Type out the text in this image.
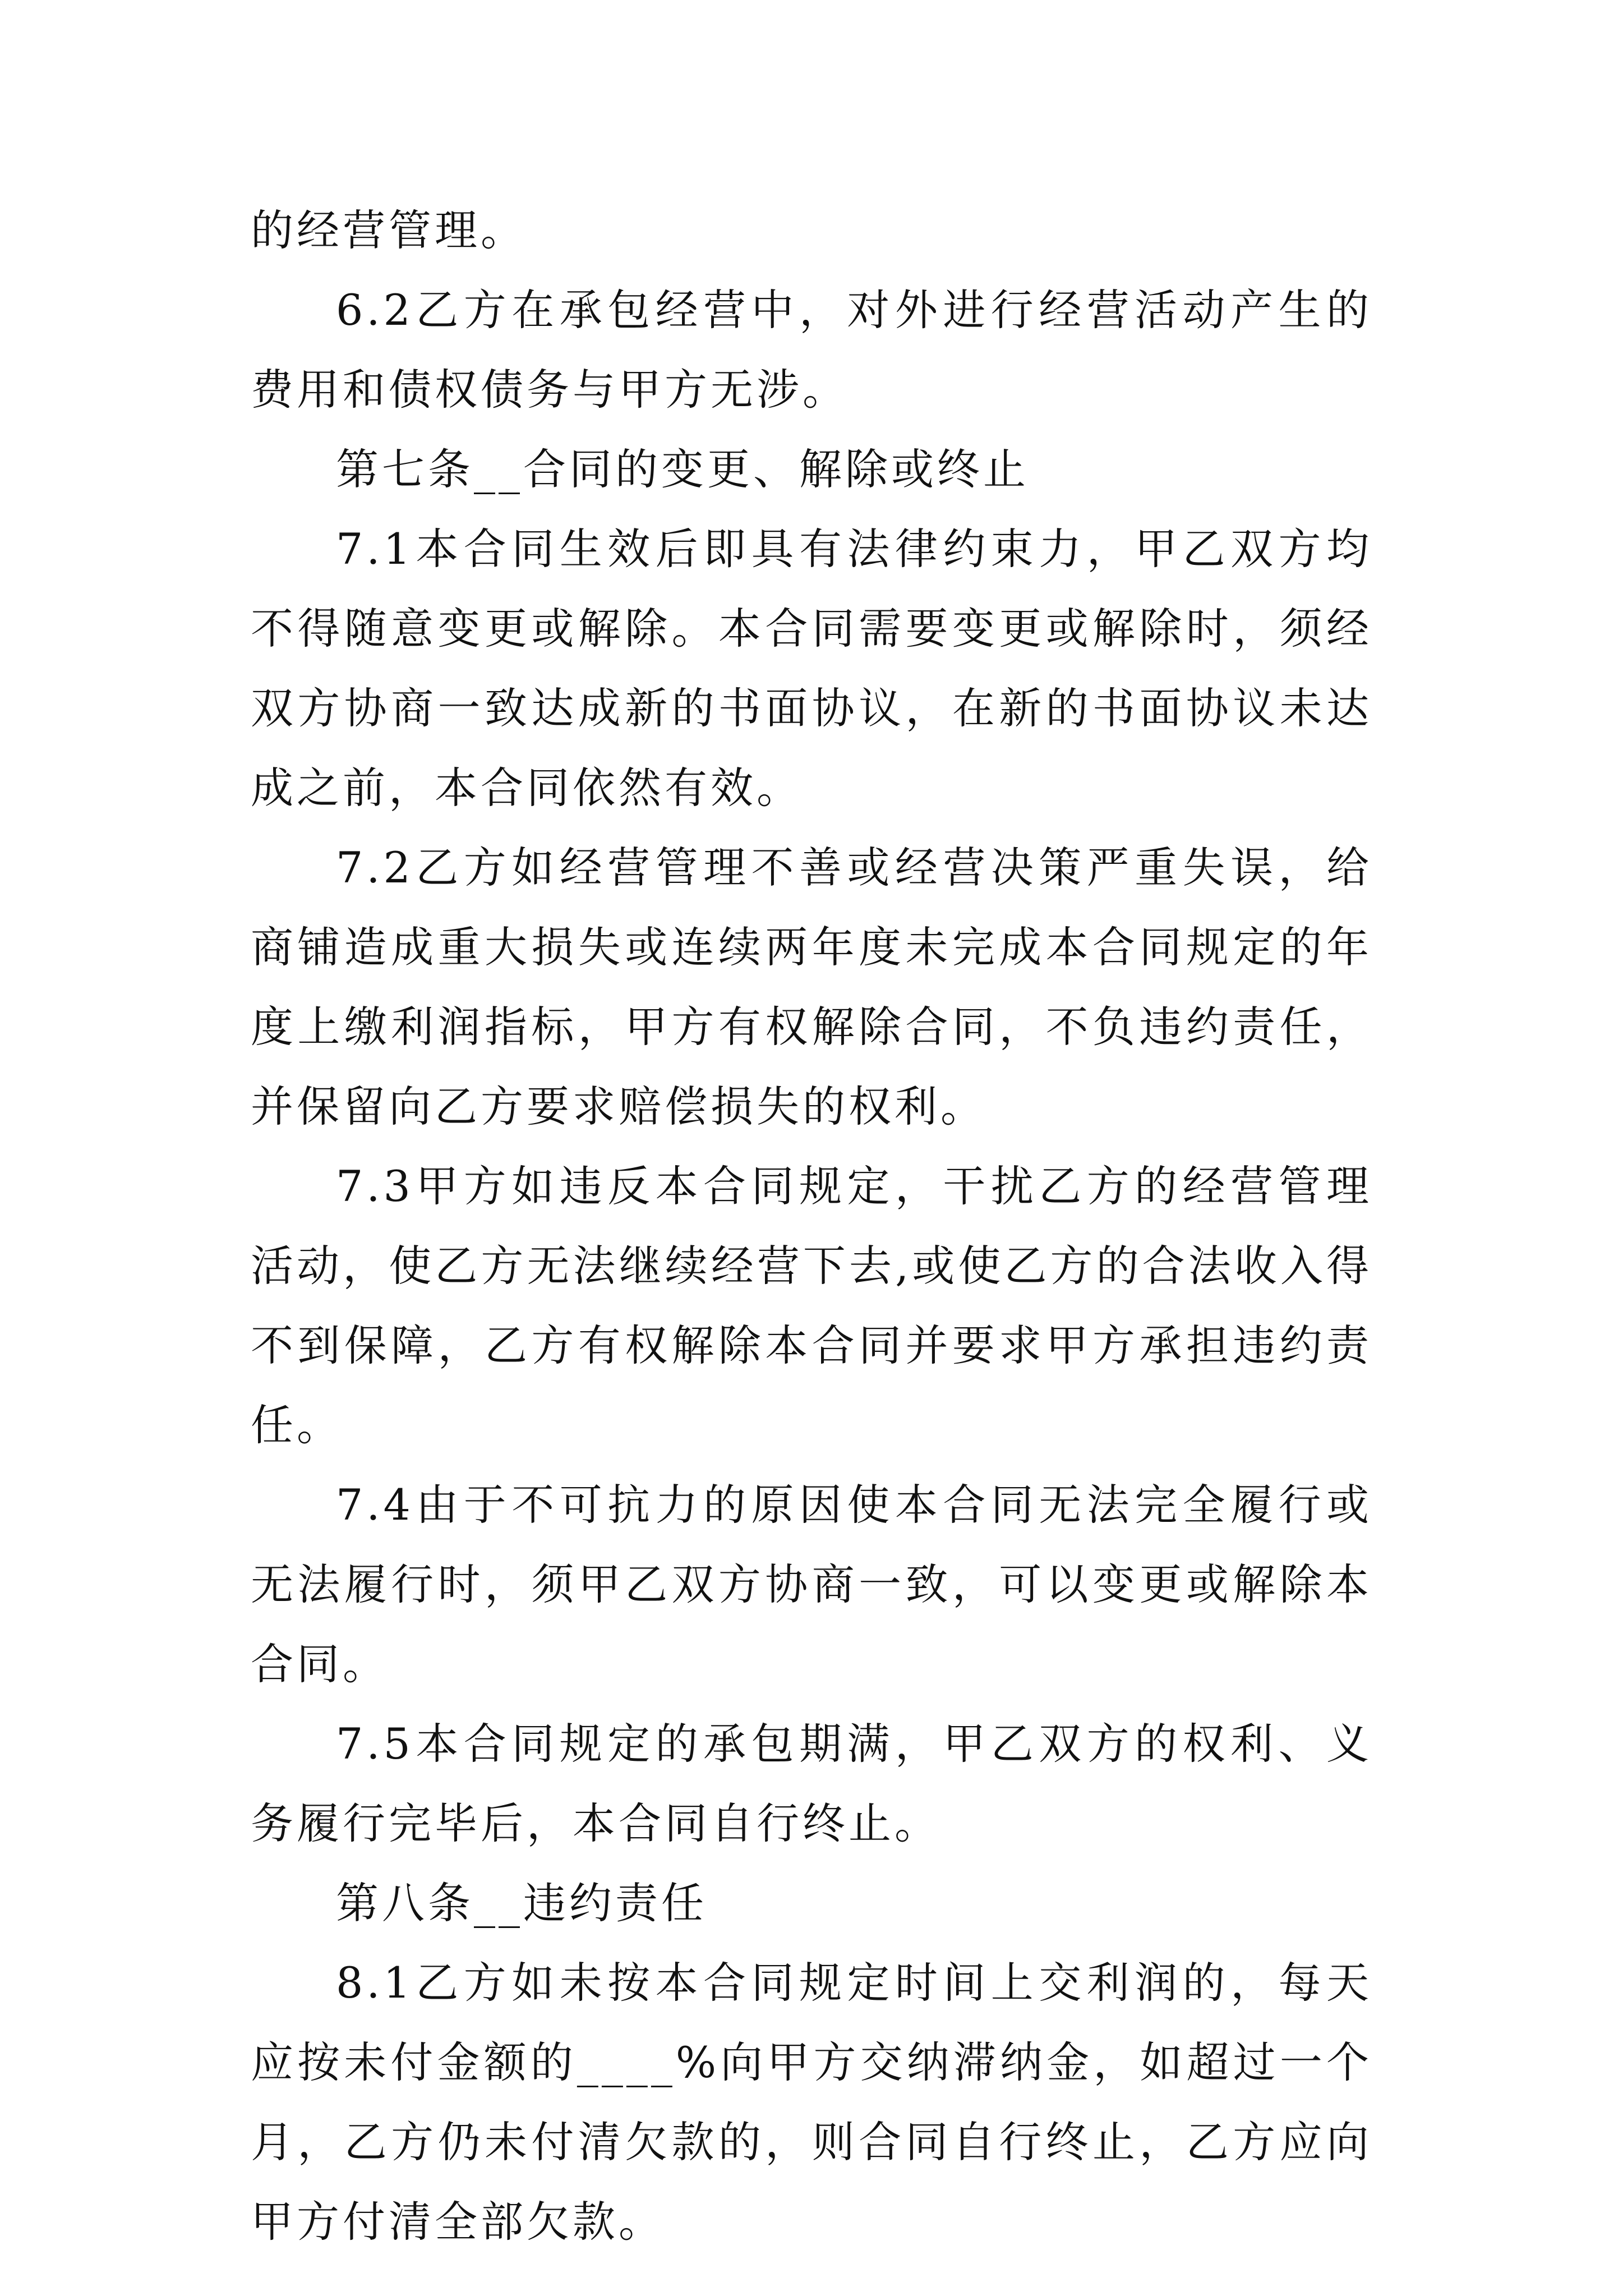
的经营管理。

6.2乙方在承包经营中，对外进行经营活动产生的费用和债权债务与甲方无涉。

第七条__合同的变更、解除或终止

7.1本合同生效后即具有法律约束力，甲乙双方均不得随意变更或解除。本合同需要变更或解除时，须经双方协商一致达成新的书面协议，在新的书面协议未达成之前，本合同依然有效。

7.2乙方如经营管理不善或经营决策严重失误，给商铺造成重大损失或连续两年度未完成本合同规定的年度上缴利润指标，甲方有权解除合同，不负违约责任，并保留向乙方要求赔偿损失的权利。

7.3甲方如违反本合同规定，干扰乙方的经营管理活动，使乙方无法继续经营下去,或使乙方的合法收入得不到保障，乙方有权解除本合同并要求甲方承担违约责任。

7.4由于不可抗力的原因使本合同无法完全履行或无法履行时，须甲乙双方协商一致，可以变更或解除本合同。

7.5本合同规定的承包期满，甲乙双方的权利、义务履行完毕后，本合同自行终止。

第八条__违约责任

8.1乙方如未按本合同规定时间上交利润的，每天应按未付金额的____%向甲方交纳滞纳金，如超过一个月，乙方仍未付清欠款的，则合同自行终止，乙方应向甲方付清全部欠款。
